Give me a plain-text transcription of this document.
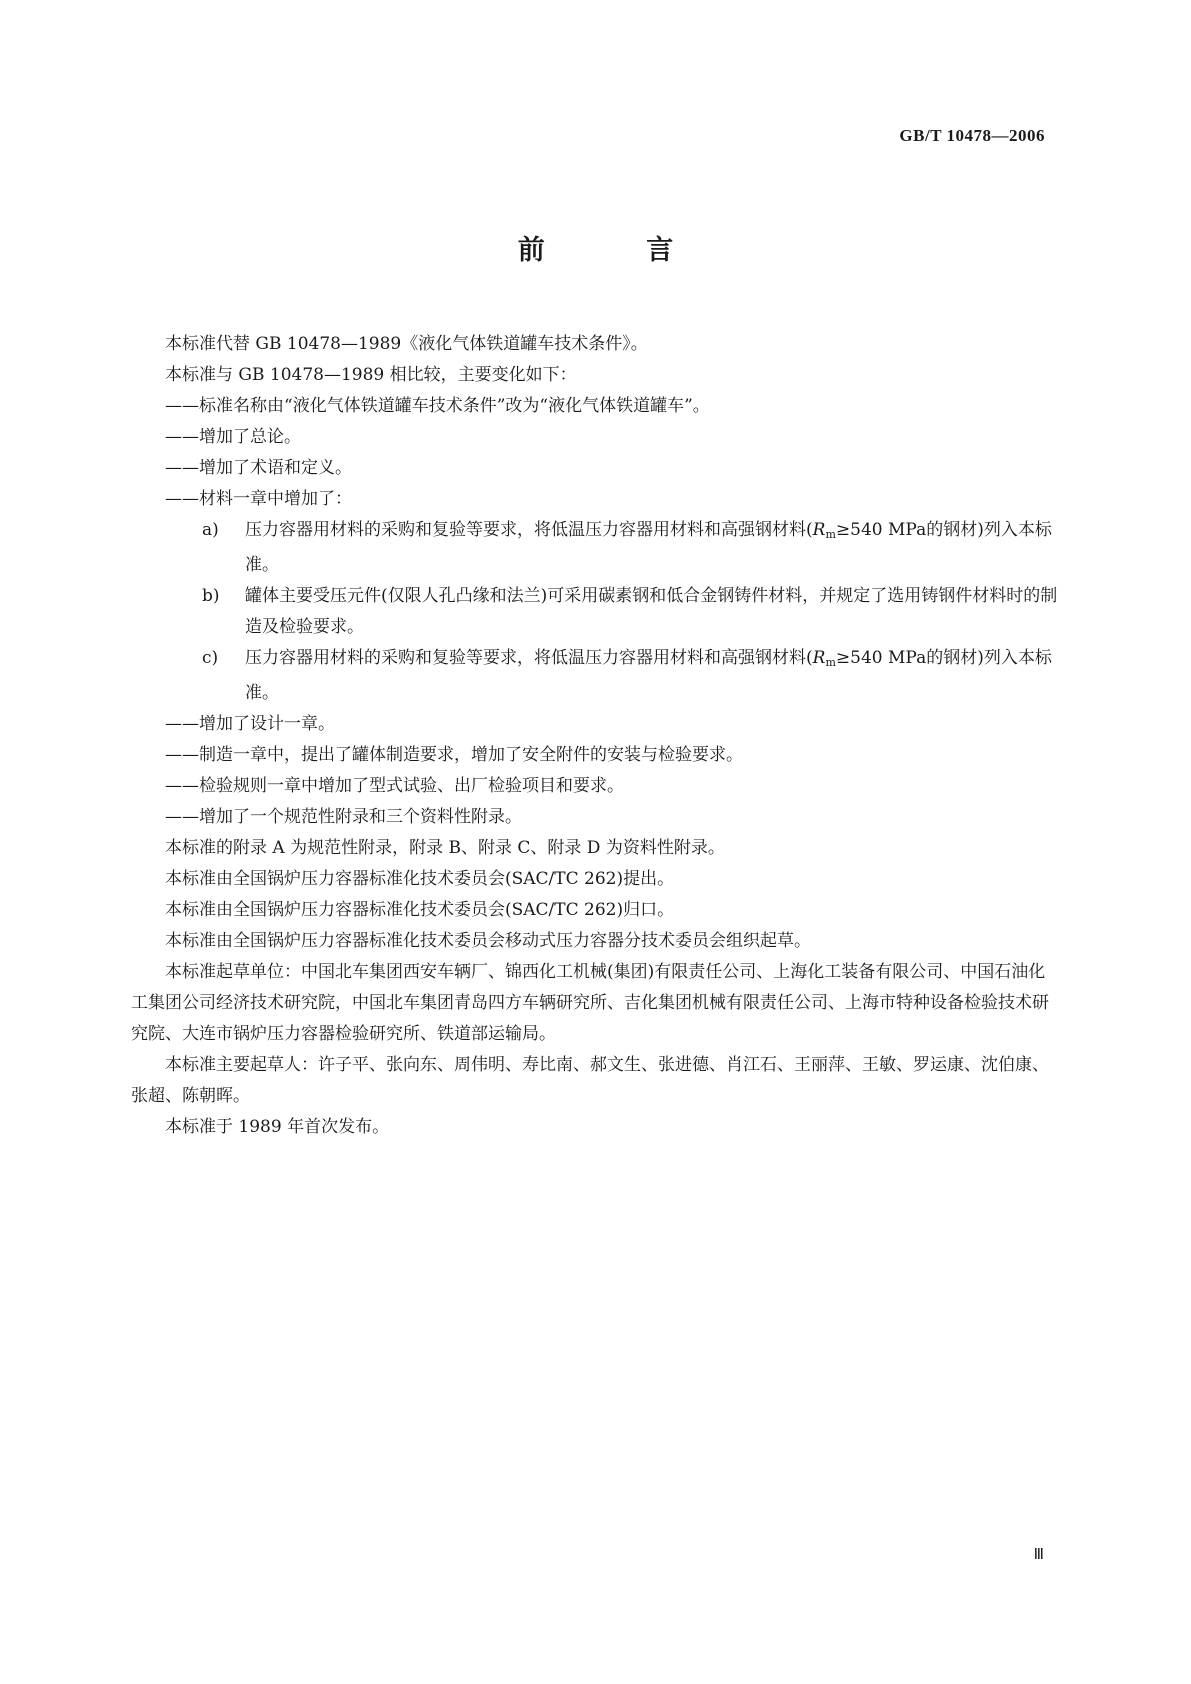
GB/T 10478—2006
前 言

本标准代替 GB 10478—1989《液化气体铁道罐车技术条件》。

本标准与 GB 10478—1989 相比较，主要变化如下：

——标准名称由“液化气体铁道罐车技术条件”改为“液化气体铁道罐车”。

——增加了总论。

——增加了术语和定义。

——材料一章中增加了：

a) 压力容器用材料的采购和复验等要求，将低温压力容器用材料和高强钢材料($R_m\ge 540$ MPa的钢材)列入本标准。

b) 罐体主要受压元件(仅限人孔凸缘和法兰)可采用碳素钢和低合金钢铸件材料，并规定了选用铸钢件材料时的制造及检验要求。

c) 压力容器用材料的采购和复验等要求，将低温压力容器用材料和高强钢材料($R_m\ge 540$ MPa的钢材)列入本标准。

——增加了设计一章。

——制造一章中，提出了罐体制造要求，增加了安全附件的安装与检验要求。

——检验规则一章中增加了型式试验、出厂检验项目和要求。

——增加了一个规范性附录和三个资料性附录。

本标准的附录 A 为规范性附录，附录 B、附录 C、附录 D 为资料性附录。

本标准由全国锅炉压力容器标准化技术委员会(SAC/TC 262)提出。

本标准由全国锅炉压力容器标准化技术委员会(SAC/TC 262)归口。

本标准由全国锅炉压力容器标准化技术委员会移动式压力容器分技术委员会组织起草。

本标准起草单位：中国北车集团西安车辆厂、锦西化工机械(集团)有限责任公司、上海化工装备有限公司、中国石油化工集团公司经济技术研究院，中国北车集团青岛四方车辆研究所、吉化集团机械有限责任公司、上海市特种设备检验技术研究院、大连市锅炉压力容器检验研究所、铁道部运输局。

本标准主要起草人：许子平、张向东、周伟明、寿比南、郝文生、张进德、肖江石、王丽萍、王敏、罗运康、沈伯康、张超、陈朝晖。

本标准于 1989 年首次发布。

Ⅲ
